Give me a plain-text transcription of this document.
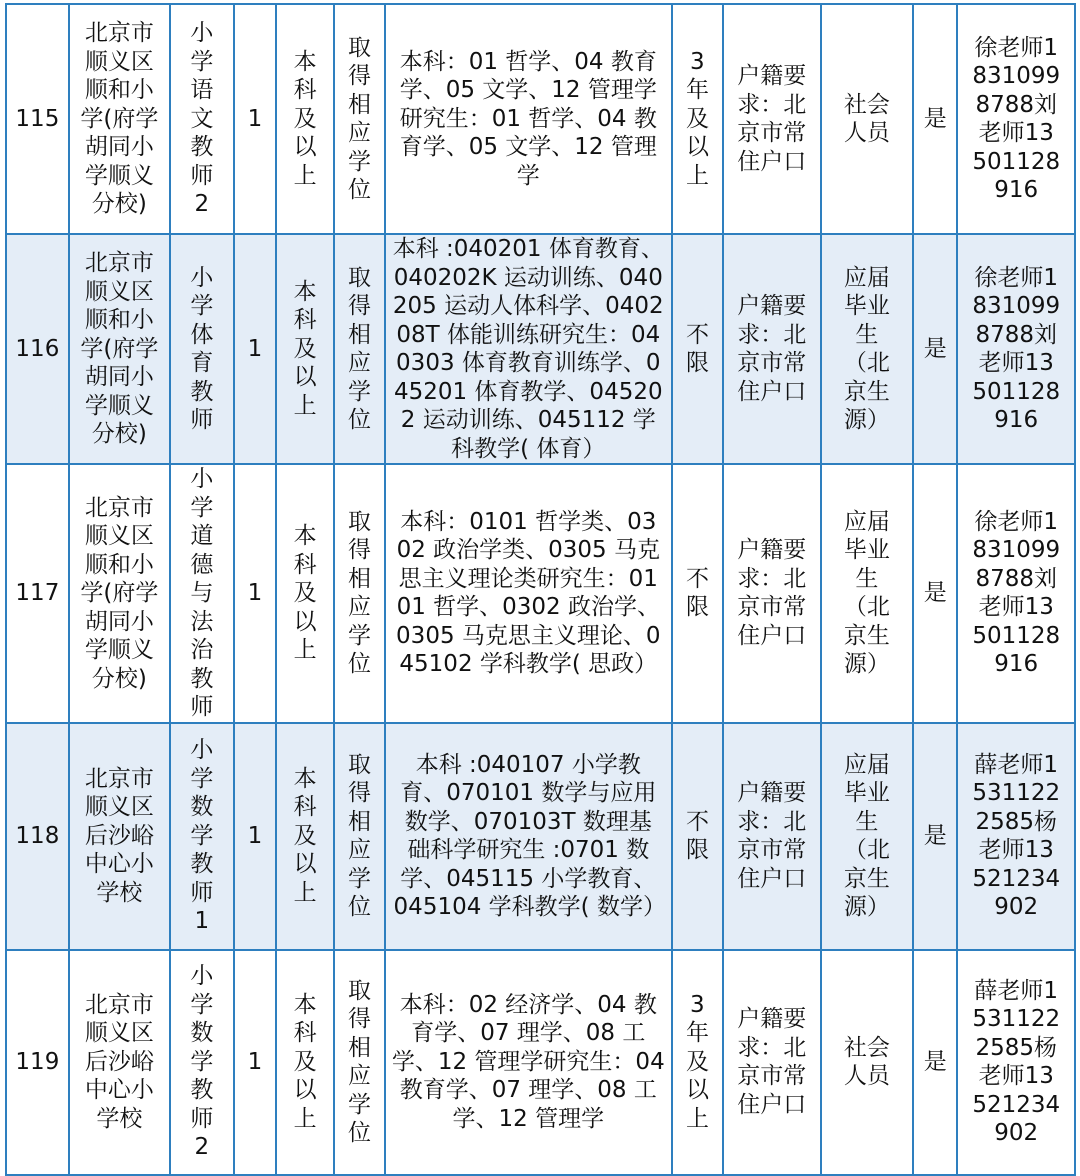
115	北京市顺义区顺和小学(府学胡同小学顺义分校)	小学语文教师2	1	本科及以上	取得相应学位	本科：01 哲学、04 教育学、05 文学、12 管理学研究生：01 哲学、04 教育学、05 文学、12 管理学	3年及以上	户籍要求：北京市常住户口	社会人员	是	徐老师18310998788刘老师13501128916
116	北京市顺义区顺和小学(府学胡同小学顺义分校)	小学体育教师	1	本科及以上	取得相应学位	本科 :040201 体育教育、040202K 运动训练、040205 运动人体科学、040208T 体能训练研究生：040303 体育教育训练学、045201 体育教学、045202 运动训练、045112 学科教学( 体育）	不限	户籍要求：北京市常住户口	应届毕业生（北京生源）	是	徐老师18310998788刘老师13501128916
117	北京市顺义区顺和小学(府学胡同小学顺义分校)	小学道德与法治教师	1	本科及以上	取得相应学位	本科：0101 哲学类、0302 政治学类、0305 马克思主义理论类研究生：0101 哲学、0302 政治学、0305 马克思主义理论、045102 学科教学( 思政）	不限	户籍要求：北京市常住户口	应届毕业生（北京生源）	是	徐老师18310998788刘老师13501128916
118	北京市顺义区后沙峪中心小学校	小学数学教师1	1	本科及以上	取得相应学位	本科 :040107 小学教育、070101 数学与应用数学、070103T 数理基础科学研究生 :0701 数学、045115 小学教育、045104 学科教学( 数学）	不限	户籍要求：北京市常住户口	应届毕业生（北京生源）	是	薛老师15311222585杨老师13521234902
119	北京市顺义区后沙峪中心小学校	小学数学教师2	1	本科及以上	取得相应学位	本科：02 经济学、04 教育学、07 理学、08 工学、12 管理学研究生：04 教育学、07 理学、08 工学、12 管理学	3年及以上	户籍要求：北京市常住户口	社会人员	是	薛老师15311222585杨老师13521234902
